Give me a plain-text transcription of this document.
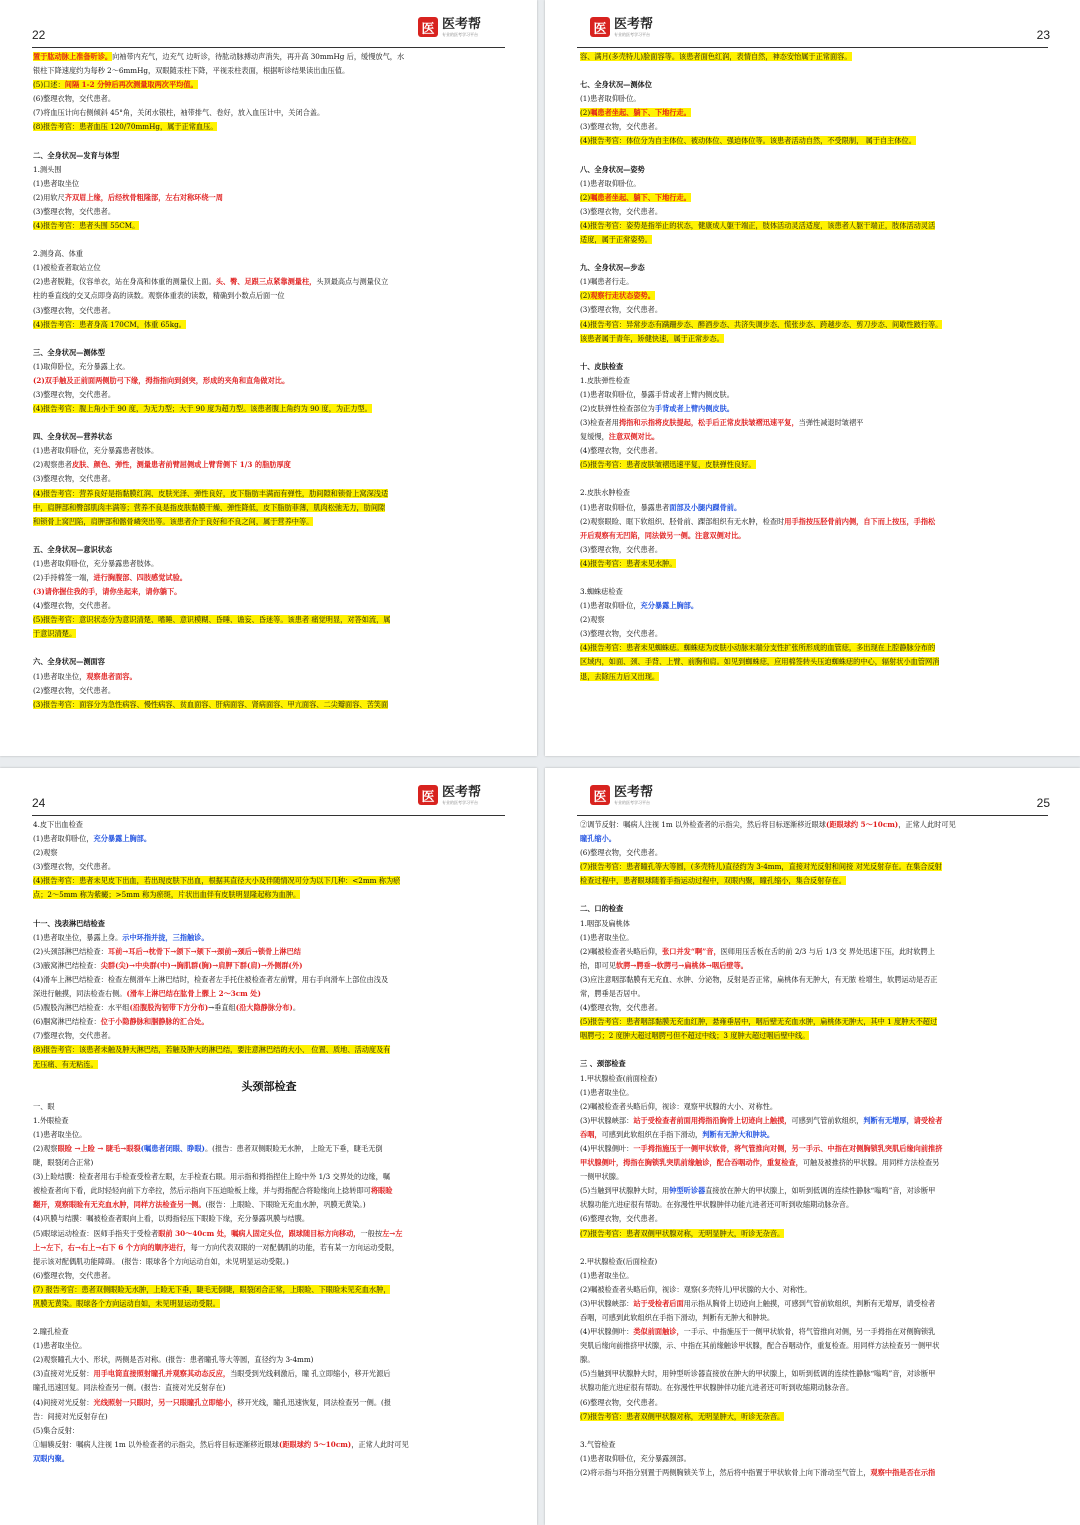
22	医 医考帮
专业的医考学习平台
置于肱动脉上准备听诊。向袖带内充气，边充气 边听诊，待肱动脉搏动声消失，再升高 30mmHg 后，缓慢放气，水
银柱下降速度约为每秒 2～6mmHg，双眼随汞柱下降，平视汞柱表面，根据听诊结果读出血压值。
(5)口述：间隔 1-2 分钟后再次测量取两次平均值。
(6)整理衣物，交代患者。
(7)将血压计向右侧倾斜 45°角，关闭水银柱，袖带排气、卷好，放入血压计中，关闭合盖。
(8)报告考官：患者血压 120/70mmHg，属于正常血压。
二、全身状况—发育与体型
1.测头围
(1)患者取坐位
(2)用软尺齐双眉上缘，后经枕骨粗隆部，左右对称环绕一周
(3)整理衣物，交代患者。
(4)报告考官：患者头围 55CM。
2.测身高、体重
(1)被检查者取站立位
(2)患者脱鞋，仪容单衣，站在身高和体重的测量仪上面。头、臀、足跟三点紧靠测量柱，头顶最高点与测量仪立
柱的垂直线的交叉点即身高的读数。观察体重表的读数，精确到小数点后面一位
(3)整理衣物，交代患者。
(4)报告考官：患者身高 170CM，体重 65kg。
三、全身状况—测体型
(1)取仰卧位，充分暴露上衣。
(2)双手触及正前面两侧肋弓下缘，拇指指向到剑突，形成的夹角和直角做对比。
(3)整理衣物，交代患者。
(4)报告考官：腹上角小于 90 度，为无力型；大于 90 度为超力型。该患者腹上角约为 90 度，为正力型。
四、全身状况—营养状态
(1)患者取仰卧位，充分暴露患者肢体。
(2)观察患者皮肤、颜色、弹性，测量患者前臂屈侧或上臂背侧下 1/3 的脂肪厚度
(3)整理衣物，交代患者。
(4)报告考官：营养良好是指黏膜红润、皮肤光泽、弹性良好，皮下脂肪丰满而有弹性，肋间隙和锁骨上窝深浅适
中，肩胛部和臀部肌肉丰满等；营养不良是指皮肤黏膜干燥、弹性降低，皮下脂肪菲薄，肌肉松弛无力，肋间隙
和锁骨上窝凹陷，肩胛部和髂骨嶙突出等。该患者介于良好和不良之间，属于营养中等。
五、全身状况—意识状态
(1)患者取仰卧位，充分暴露患者肢体。
(2)手持棉签一端，进行胸腹部、四肢感觉试验。
(3)请你握住我的手，请你坐起来，请你躺下。
(4)整理衣物，交代患者。
(5)报告考官：意识状态分为意识清楚、嗜睡、意识模糊、昏睡、谵妄、昏迷等。该患者 痛觉明显，对答如流，属
于意识清楚。
六、全身状况—测面容
(1)患者取坐位，观察患者面容。
(2)整理衣物，交代患者。
(3)报告考官：面容分为急性病容、慢性病容、贫血面容、肝病面容、肾病面容、甲亢面容、二尖瓣面容、苦笑面
23
医 医考帮
专业的医考学习平台
容、满月(多壳特儿)脸面容等。该患者面色红润，表情自然，神态安怡属于正常面容。
七、全身状况—测体位
(1)患者取仰卧位。
(2)嘱患者坐起、躺下、下地行走。
(3)整理衣物，交代患者。
(4)报告考官：体位分为自主体位、被动体位、强迫体位等。该患者活动自然，不受限制， 属于自主体位。
八、全身状况—姿势
(1)患者取仰卧位。
(2)嘱患者坐起、躺下、下地行走。
(3)整理衣物，交代患者。
(4)报告考官：姿势是指举止的状态，健康成人躯干端正，肢体活动灵活适度，该患者人躯干端正，肢体活动灵活
适度，属于正常姿势。
九、全身状况—步态
(1)嘱患者行走。
(2)观察行走状态姿势。
(3)整理衣物，交代患者。
(4)报告考官：异常步态有蹒跚步态、醉酒步态、共济失调步态、慌张步态、跨越步态、剪刀步态、间歇性跛行等。
该患者属于青年，矫健快速，属于正常步态。
十、皮肤检查
1.皮肤弹性检查
(1)患者取仰卧位，暴露手背或者上臂内侧皮肤。
(2)皮肤弹性检查部位为手背或者上臂内侧皮肤。
(3)检查者用拇指和示指将皮肤提起，松手后正常皮肤皱褶迅速平复，当弹性减退时皱褶平
复缓慢，注意双侧对比。
(4)整理衣物，交代患者。
(5)报告考官：患者皮肤皱褶迅速平复，皮肤弹性良好。
2.皮肤水肿检查
(1)患者取仰卧位，暴露患者面部及小腿内踝骨前。
(2)观察眼睑、眶下软组织、胫骨前、踝部组织有无水肿，检查时用手指按压胫骨前内侧，自下而上按压，手指松
开后观察有无凹陷，同法做另一侧。注意双侧对比。
(3)整理衣物，交代患者。
(4)报告考官：患者未见水肿。
3.蜘蛛痣检查
(1)患者取仰卧位，充分暴露上胸部。
(2)观察
(3)整理衣物，交代患者。
(4)报告考官：患者未见蜘蛛痣。蜘蛛痣为皮肤小动脉末端分支性扩张所形成的血管痣，多出现在上腔静脉分布的
区域内，如面、颈、手背、上臂、前胸和肩。如见到蜘蛛痣，应用棉签转头压迫蜘蛛痣的中心，辐射状小血管网消
退，去除压力后又出现。
24	医 医考帮
专业的医考学习平台
4.皮下出血检查
(1)患者取仰卧位，充分暴露上胸部。
(2)观察
(3)整理衣物，交代患者。
(4)报告考官：患者未见皮下出血，若出现皮肤下出血，根据其直径大小及伴随情况可分为以下几种：<2mm 称为瘀
点；2～5mm 称为紫癜；>5mm 称为瘀斑，片状出血伴有皮肤明显隆起称为血肿。
十一、浅表淋巴结检查
(1)患者取坐位，暴露上身。示中环指并拢，三指触诊。
(2)头颈部淋巴结检查：耳前→耳后→枕骨下→颌下→颏下→颈前→颈后→锁骨上淋巴结
(3)腋窝淋巴结检查：尖群(尖)→中央群(中)→胸肌群(胸)→肩胛下群(肩)→外侧群(外)
(4)滑车上淋巴结检查：检查左侧滑车上淋巴结时，检查者左手托住被检查者左前臂，用右手向滑车上部位由浅及
深进行触摸，同法检查右侧。(滑车上淋巴结在肱骨上髁上 2～3cm 处)
(5)腹股沟淋巴结检查：水平组(沿腹股沟韧带下方分布)→垂直组(沿大隐静脉分布)。
(6)腘窝淋巴结检查：位于小隐静脉和腘静脉的汇合处。
(7)整理衣物，交代患者。
(8)报告考官：该患者未触及肿大淋巴结，若触及肿大的淋巴结，要注意淋巴结的大小、 位置、质地、活动度及有
无压痛、有无粘连。
头颈部检查
一、眼
1.外眼检查
(1)患者取坐位。
(2)观察眼睑 →上睑 → 睫毛→眼裂(嘱患者闭眼、睁眼)。(报告：患者双侧眼睑无水肿， 上睑无下垂，睫毛无倒
睫，眼裂闭合正常)
(3)上睑结膜：检查者用右手检查受检者左眼，左手检查右眼。用示指和拇指捏住上睑中外 1/3 交界处的边缘，嘱
被检查者向下看，此时轻轻向前下方牵拉，然后示指向下压迫睑板上缘，并与拇指配合将睑缘向上捻转即可将眼睑
翻开，观察眼睑有无充血水肿，同样方法检查另一侧。(报告：上眼睑、下眼睑无充血水肿，巩膜无黄染。)
(4)巩膜与结膜：嘱被检查者眼向上看，以拇指轻压下眼睑下缘，充分暴露巩膜与结膜。
(5)眼球运动检查：医师手指夹于受检者眼前 30～40cm 处，嘱病人固定头位，跟球随目标方向移动，一般按左→左
上→左下，右→右上→右下 6 个方向的顺序进行，每一方向代表双眼的一对配偶肌的功能，若有某一方向运动受限，
提示该对配偶肌功能障碍。 (报告：眼球各个方向运动自如，未见明显运动受限。)
(6)整理衣物，交代患者。
(7) 报告考官：患者双侧眼睑无水肿，上睑无下垂，睫毛无倒睫，眼裂闭合正常，上眼睑、下眼睑未见充血水肿，
巩膜无黄染。眼球各个方向运动自如，未见明显运动受限。
2.瞳孔检查
(1)患者取坐位。
(2)观察瞳孔大小、形状，两侧是否对称。(报告：患者瞳孔等大等圆，直径约为 3-4mm)
(3)直接对光反射：用手电筒直接照射瞳孔并观察其动态反应，当眼受到光线刺激后，瞳 孔立即缩小，移开光源后
瞳孔迅速回复。同法检查另一侧。(报告：直接对光反射存在)
(4)间接对光反射：光线照射一只眼时，另一只眼瞳孔立即缩小，移开光线，瞳孔迅速恢复，同法检查另一侧。(报
告：间接对光反射存在)
(5)集合反射：
①辐辏反射：嘱病人注视 1m 以外检查者的示指尖，然后将目标逐渐移近眼球(距眼球约 5～10cm)，正常人此时可见
双眼内聚。
25
医 医考帮
专业的医考学习平台
②调节反射：嘱病人注视 1m 以外检查者的示指尖，然后将目标逐渐移近眼球(距眼球约 5～10cm)，正常人此时可见
瞳孔缩小。
(6)整理衣物，交代患者。
(7)报告考官：患者瞳孔等大等圆，(多壳特儿)直径约为 3-4mm，直接对光反射和间接 对光反射存在。在集合反射
检查过程中，患者眼球随着手指运动过程中，双眼内聚，瞳孔缩小，集合反射存在。
二、口的检查
1.咽部及扁桃体
(1)患者取坐位。
(2)嘱被检查者头略后仰，张口并发“啊”音，医师用压舌板在舌的前 2/3 与后 1/3 交 界处迅速下压，此时软腭上
抬，即可见软腭→腭垂→软腭弓→扁桃体→咽后壁等。
(3)应注意咽部黏膜有无充血、水肿、分泌物，反射是否正常，扁桃体有无肿大，有无脓 栓增生，软腭运动是否正
常，腭垂是否居中。
(4)整理衣物，交代患者。
(5)报告考官：患者咽部黏膜无充血红肿，悬雍垂居中，咽后壁无充血水肿，扁桃体无肿大，其中 1 度肿大不超过
咽腭弓；2 度肿大超过咽腭弓但不超过中线；3 度肿大超过咽后壁中线。
三 、颈部检查
1.甲状腺检查(前面检查)
(1)患者取坐位。
(2)嘱被检查者头略后仰，视诊：观察甲状腺的大小、对称性。
(3)甲状腺峡部：站于受检查者前面用拇指沿胸骨上切迹向上触摸，可感到气管前软组织，判断有无增厚，请受检者
吞咽，可感到此软组织在手指下滑动，判断有无肿大和肿块。
(4)甲状腺侧叶：一手拇指施压于一侧甲状软骨，将气管推向对侧，另一手示、中指在对侧胸锁乳突肌后缘向前推挤
甲状腺侧叶，拇指在胸锁乳突肌前缘触诊，配合吞咽动作，重复检查，可触及被推挤的甲状腺。用同样方法检查另
一侧甲状腺。
(5)当触到甲状腺肿大时，用钟型听诊器直接放在肿大的甲状腺上，如听到低调的连续性静脉“嗡鸣”音，对诊断甲
状腺功能亢进症很有帮助。在弥漫性甲状腺肿伴功能亢进者还可听到收缩期动脉杂音。
(6)整理衣物，交代患者。
(7)报告考官：患者双侧甲状腺对称，无明显肿大，听诊无杂音。
2.甲状腺检查(后面检查)
(1)患者取坐位。
(2)嘱被检查者头略后仰，视诊：观察(多壳特儿)甲状腺的大小、对称性。
(3)甲状腺峡部：站于受检者后面用示指从胸骨上切迹向上触摸，可感到气管前软组织，判断有无增厚，请受检者
吞咽，可感到此软组织在手指下滑动，判断有无肿大和肿块。
(4)甲状腺侧叶：类似前面触诊，一手示、中指施压于一侧甲状软骨，将气管推向对侧，另一手拇指在对侧胸锁乳
突肌后缘向前推挤甲状腺，示、中指在其前缘触诊甲状腺，配合吞咽动作，重复检查。用同样方法检查另一侧甲状
腺。
(5)当触到甲状腺肿大时，用钟型听诊器直接放在肿大的甲状腺上，如听到低调的连续性静脉“嗡鸣”音，对诊断甲
状腺功能亢进症很有帮助。在弥漫性甲状腺肿伴功能亢进者还可听到收缩期动脉杂音。
(6)整理衣物，交代患者。
(7)报告考官：患者双侧甲状腺对称，无明显肿大，听诊无杂音。
3.气管检查
(1)患者取仰卧位，充分暴露颈部。
(2)将示指与环指分别置于两侧胸锁关节上，然后将中指置于甲状软骨上向下滑动至气管上，观察中指是否在示指
